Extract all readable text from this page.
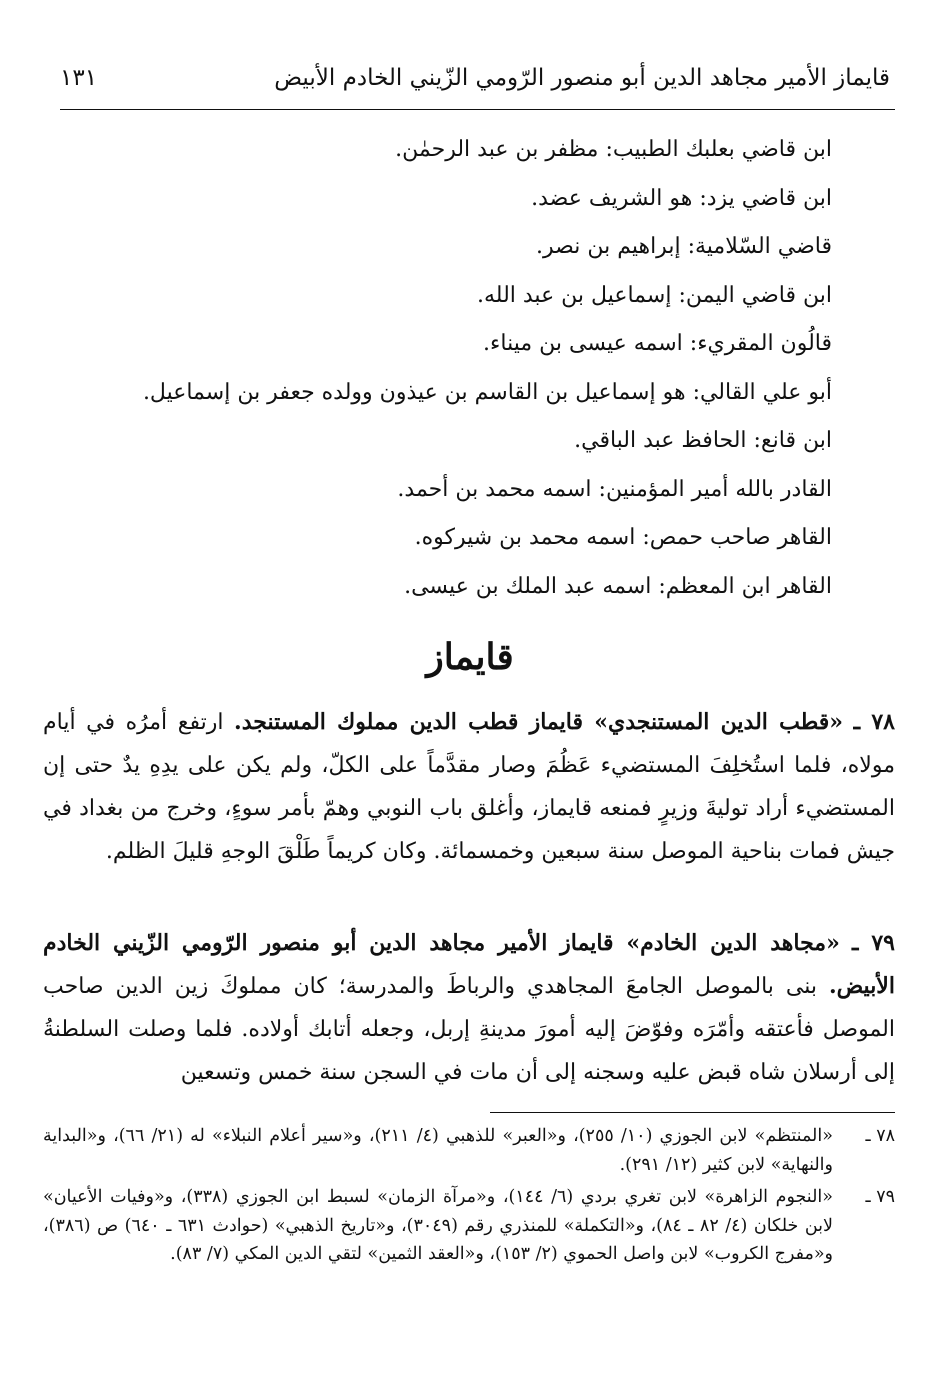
قايماز الأمير مجاهد الدين أبو منصور الرّومي الزّيني الخادم الأبيض
١٣١
ابن قاضي بعلبك الطبيب: مظفر بن عبد الرحمٰن.
ابن قاضي يزد: هو الشريف عضد.
قاضي السّلامية: إبراهيم بن نصر.
ابن قاضي اليمن: إسماعيل بن عبد الله.
قالُون المقريء: اسمه عيسى بن ميناء.
أبو علي القالي: هو إسماعيل بن القاسم بن عيذون وولده جعفر بن إسماعيل.
ابن قانع: الحافظ عبد الباقي.
القادر بالله أمير المؤمنين: اسمه محمد بن أحمد.
القاهر صاحب حمص: اسمه محمد بن شيركوه.
القاهر ابن المعظم: اسمه عبد الملك بن عيسى.
قايماز

٧٨ ـ «قطب الدين المستنجدي» قايماز قطب الدين مملوك المستنجد. ارتفع أمرُه في أيام مولاه، فلما استُخلِفَ المستضيء عَظُمَ وصار مقدَّماً على الكلّ، ولم يكن على يدِهِ يدٌ حتى إن المستضيء أراد توليةَ وزيرٍ فمنعه قايماز، وأغلق باب النوبي وهمّ بأمر سوءٍ، وخرج من بغداد في جيش فمات بناحية الموصل سنة سبعين وخمسمائة. وكان كريماً طَلْقَ الوجهِ قليلَ الظلم.

٧٩ ـ «مجاهد الدين الخادم» قايماز الأمير مجاهد الدين أبو منصور الرّومي الزّيني الخادم الأبيض. بنى بالموصل الجامعَ المجاهدي والرباطَ والمدرسة؛ كان مملوكَ زين الدين صاحب الموصل فأعتقه وأمّرَه وفوّضَ إليه أمورَ مدينةِ إربل، وجعله أتابك أولاده. فلما وصلت السلطنةُ إلى أرسلان شاه قبض عليه وسجنه إلى أن مات في السجن سنة خمس وتسعين

٧٨ ـ
«المنتظم» لابن الجوزي (١٠/ ٢٥٥)، و«العبر» للذهبي (٤/ ٢١١)، و«سير أعلام النبلاء» له (٢١/ ٦٦)، و«البداية والنهاية» لابن كثير (١٢/ ٢٩١).
٧٩ ـ
«النجوم الزاهرة» لابن تغري بردي (٦/ ١٤٤)، و«مرآة الزمان» لسبط ابن الجوزي (٣٣٨)، و«وفيات الأعيان» لابن خلكان (٤/ ٨٢ ـ ٨٤)، و«التكملة» للمنذري رقم (٣٠٤٩)، و«تاريخ الذهبي» (حوادث ٦٣١ ـ ٦٤٠) ص (٣٨٦)، و«مفرج الكروب» لابن واصل الحموي (٢/ ١٥٣)، و«العقد الثمين» لتقي الدين المكي (٧/ ٨٣).
